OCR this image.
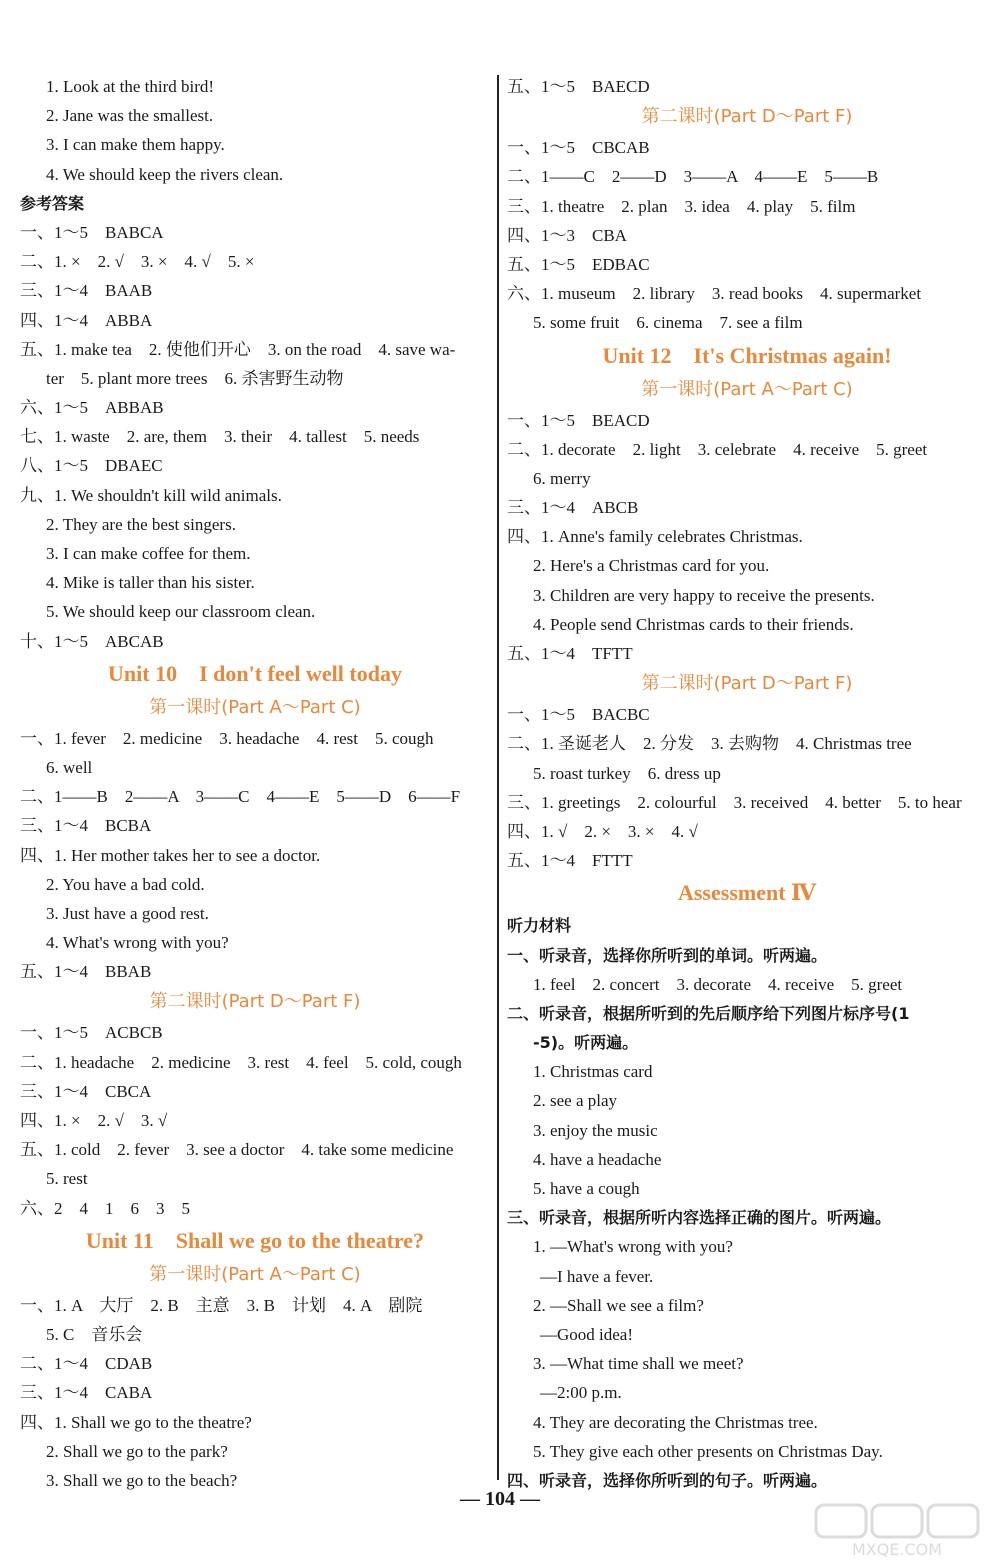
1. Look at the third bird!
2. Jane was the smallest.
3. I can make them happy.
4. We should keep the rivers clean.
参考答案
一、1～5　BABCA
二、1. ×　2. √　3. ×　4. √　5. ×
三、1～4　BAAB
四、1～4　ABBA
五、1. make tea　2. 使他们开心　3. on the road　4. save wa-
ter　5. plant more trees　6. 杀害野生动物
六、1～5　ABBAB
七、1. waste　2. are, them　3. their　4. tallest　5. needs
八、1～5　DBAEC
九、1. We shouldn't kill wild animals.
2. They are the best singers.
3. I can make coffee for them.
4. Mike is taller than his sister.
5. We should keep our classroom clean.
十、1～5　ABCAB
Unit 10　I don't feel well today
第一课时(Part A～Part C)
一、1. fever　2. medicine　3. headache　4. rest　5. cough
6. well
二、1——B　2——A　3——C　4——E　5——D　6——F
三、1～4　BCBA
四、1. Her mother takes her to see a doctor.
2. You have a bad cold.
3. Just have a good rest.
4. What's wrong with you?
五、1～4　BBAB
第二课时(Part D～Part F)
一、1～5　ACBCB
二、1. headache　2. medicine　3. rest　4. feel　5. cold, cough
三、1～4　CBCA
四、1. ×　2. √　3. √
五、1. cold　2. fever　3. see a doctor　4. take some medicine
5. rest
六、2　4　1　6　3　5
Unit 11　Shall we go to the theatre?
第一课时(Part A～Part C)
一、1. A　大厅　2. B　主意　3. B　计划　4. A　剧院
5. C　音乐会
二、1～4　CDAB
三、1～4　CABA
四、1. Shall we go to the theatre?
2. Shall we go to the park?
3. Shall we go to the beach?
五、1～5　BAECD
第二课时(Part D～Part F)
一、1～5　CBCAB
二、1——C　2——D　3——A　4——E　5——B
三、1. theatre　2. plan　3. idea　4. play　5. film
四、1～3　CBA
五、1～5　EDBAC
六、1. museum　2. library　3. read books　4. supermarket
5. some fruit　6. cinema　7. see a film
Unit 12　It's Christmas again!
第一课时(Part A～Part C)
一、1～5　BEACD
二、1. decorate　2. light　3. celebrate　4. receive　5. greet
6. merry
三、1～4　ABCB
四、1. Anne's family celebrates Christmas.
2. Here's a Christmas card for you.
3. Children are very happy to receive the presents.
4. People send Christmas cards to their friends.
五、1～4　TFTT
第二课时(Part D～Part F)
一、1～5　BACBC
二、1. 圣诞老人　2. 分发　3. 去购物　4. Christmas tree
5. roast turkey　6. dress up
三、1. greetings　2. colourful　3. received　4. better　5. to hear
四、1. √　2. ×　3. ×　4. √
五、1～4　FTTT
Assessment Ⅳ
听力材料
一、听录音，选择你所听到的单词。听两遍。
1. feel　2. concert　3. decorate　4. receive　5. greet
二、听录音，根据所听到的先后顺序给下列图片标序号(1
-5)。听两遍。
1. Christmas card
2. see a play
3. enjoy the music
4. have a headache
5. have a cough
三、听录音，根据所听内容选择正确的图片。听两遍。
1. —What's wrong with you?
—I have a fever.
2. —Shall we see a film?
—Good idea!
3. —What time shall we meet?
—2:00 p.m.
4. They are decorating the Christmas tree.
5. They give each other presents on Christmas Day.
四、听录音，选择你所听到的句子。听两遍。
— 104 —
MXQE.COM
